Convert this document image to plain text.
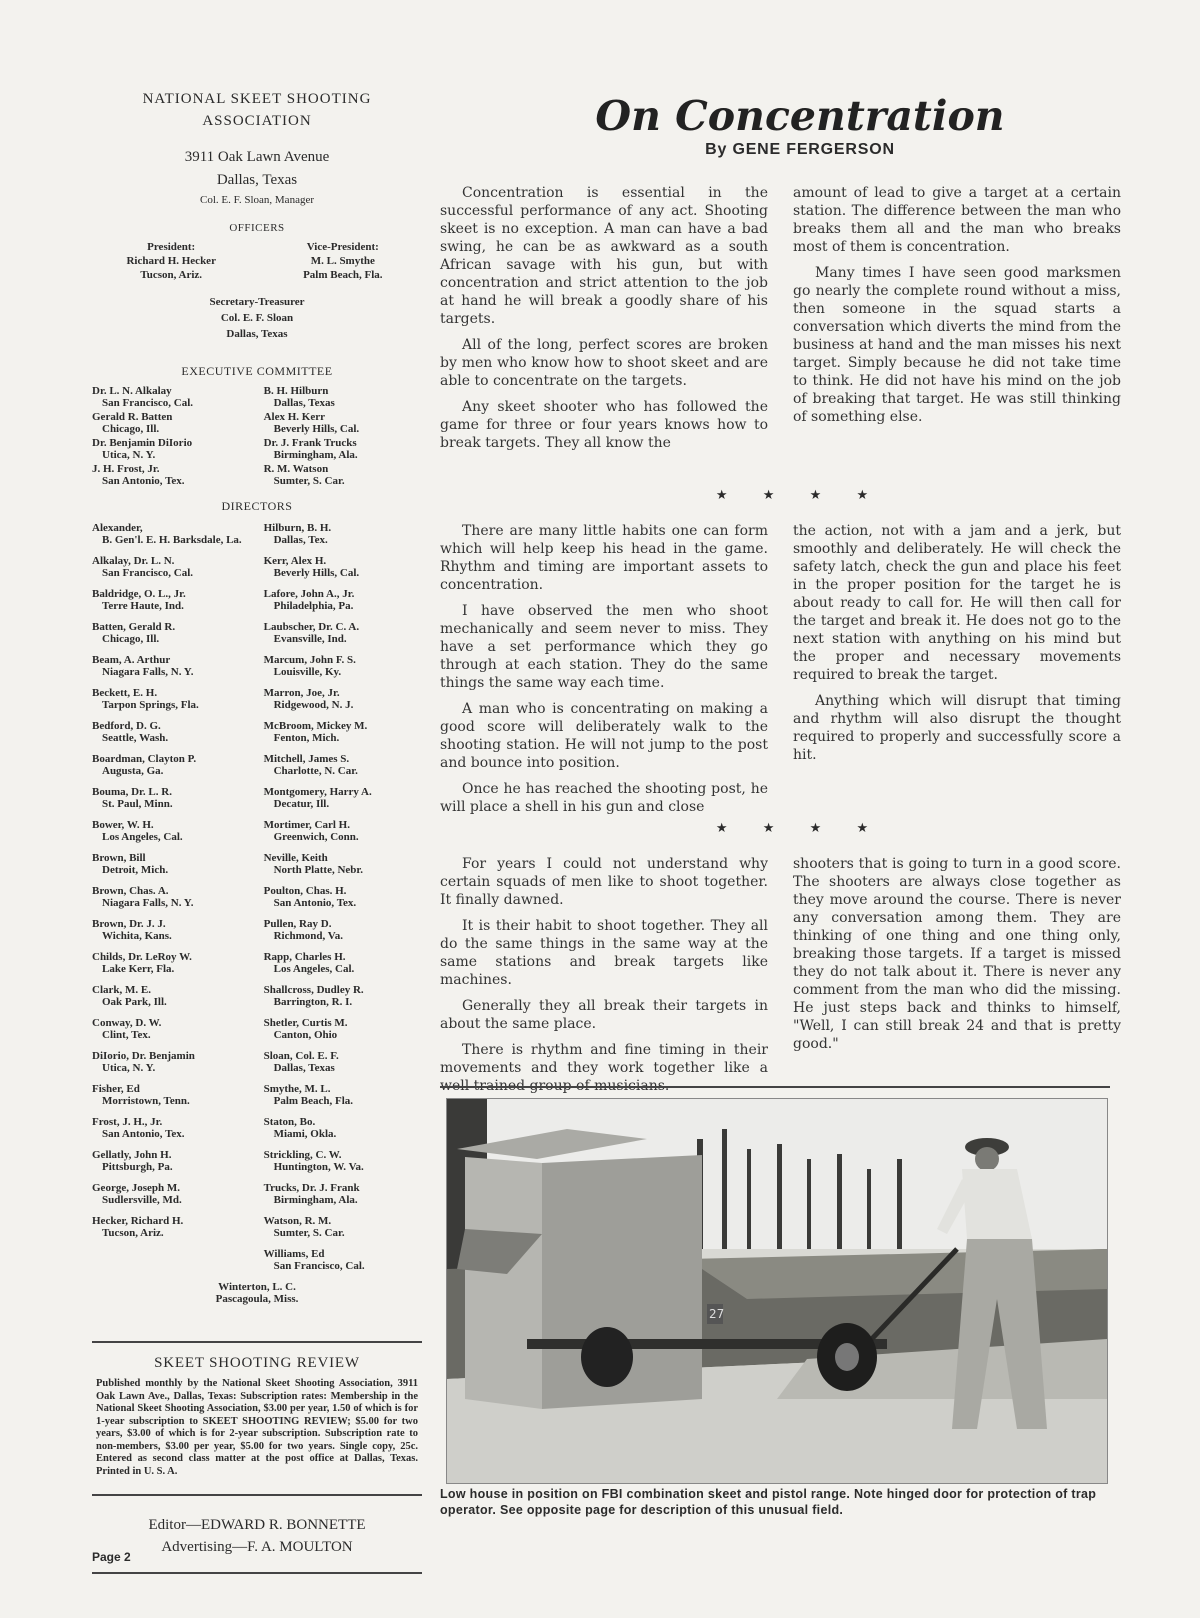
NATIONAL SKEET SHOOTING

ASSOCIATION

3911 Oak Lawn Avenue
Dallas, Texas
Col. E. F. Sloan, Manager
OFFICERS
President:
Richard H. Hecker
Tucson, Ariz.
Vice-President:
M. L. Smythe
Palm Beach, Fla.
Secretary-Treasurer
Col. E. F. Sloan
Dallas, Texas
EXECUTIVE COMMITTEE
Dr. L. N. Alkalay
San Francisco, Cal.
Gerald R. Batten
Chicago, Ill.
Dr. Benjamin DiIorio
Utica, N. Y.
J. H. Frost, Jr.
San Antonio, Tex.
B. H. Hilburn
Dallas, Texas
Alex H. Kerr
Beverly Hills, Cal.
Dr. J. Frank Trucks
Birmingham, Ala.
R. M. Watson
Sumter, S. Car.
DIRECTORS
Alexander,
B. Gen'l. E. H. Barksdale, La.
Alkalay, Dr. L. N.
San Francisco, Cal.
Baldridge, O. L., Jr.
Terre Haute, Ind.
Batten, Gerald R.
Chicago, Ill.
Beam, A. Arthur
Niagara Falls, N. Y.
Beckett, E. H.
Tarpon Springs, Fla.
Bedford, D. G.
Seattle, Wash.
Boardman, Clayton P.
Augusta, Ga.
Bouma, Dr. L. R.
St. Paul, Minn.
Bower, W. H.
Los Angeles, Cal.
Brown, Bill
Detroit, Mich.
Brown, Chas. A.
Niagara Falls, N. Y.
Brown, Dr. J. J.
Wichita, Kans.
Childs, Dr. LeRoy W.
Lake Kerr, Fla.
Clark, M. E.
Oak Park, Ill.
Conway, D. W.
Clint, Tex.
DiIorio, Dr. Benjamin
Utica, N. Y.
Fisher, Ed
Morristown, Tenn.
Frost, J. H., Jr.
San Antonio, Tex.
Gellatly, John H.
Pittsburgh, Pa.
George, Joseph M.
Sudlersville, Md.
Hecker, Richard H.
Tucson, Ariz.
Hilburn, B. H.
Dallas, Tex.
Kerr, Alex H.
Beverly Hills, Cal.
Lafore, John A., Jr.
Philadelphia, Pa.
Laubscher, Dr. C. A.
Evansville, Ind.
Marcum, John F. S.
Louisville, Ky.
Marron, Joe, Jr.
Ridgewood, N. J.
McBroom, Mickey M.
Fenton, Mich.
Mitchell, James S.
Charlotte, N. Car.
Montgomery, Harry A.
Decatur, Ill.
Mortimer, Carl H.
Greenwich, Conn.
Neville, Keith
North Platte, Nebr.
Poulton, Chas. H.
San Antonio, Tex.
Pullen, Ray D.
Richmond, Va.
Rapp, Charles H.
Los Angeles, Cal.
Shallcross, Dudley R.
Barrington, R. I.
Shetler, Curtis M.
Canton, Ohio
Sloan, Col. E. F.
Dallas, Texas
Smythe, M. L.
Palm Beach, Fla.
Staton, Bo.
Miami, Okla.
Strickling, C. W.
Huntington, W. Va.
Trucks, Dr. J. Frank
Birmingham, Ala.
Watson, R. M.
Sumter, S. Car.
Williams, Ed
San Francisco, Cal.
Winterton, L. C.
Pascagoula, Miss.
SKEET SHOOTING REVIEW
Published monthly by the National Skeet Shooting Association, 3911 Oak Lawn Ave., Dallas, Texas: Subscription rates: Membership in the National Skeet Shooting Association, $3.00 per year, 1.50 of which is for 1-year subscription to SKEET SHOOTING REVIEW; $5.00 for two years, $3.00 of which is for 2-year subscription. Subscription rate to non-members, $3.00 per year, $5.00 for two years. Single copy, 25c. Entered as second class matter at the post office at Dallas, Texas. Printed in U. S. A.
Editor—EDWARD R. BONNETTE
Advertising—F. A. MOULTON
On Concentration
By GENE FERGERSON

Concentration is essential in the successful performance of any act. Shooting skeet is no exception. A man can have a bad swing, he can be as awkward as a south African savage with his gun, but with concentration and strict attention to the job at hand he will break a goodly share of his targets.

All of the long, perfect scores are broken by men who know how to shoot skeet and are able to concentrate on the targets.

Any skeet shooter who has followed the game for three or four years knows how to break targets. They all know the

amount of lead to give a target at a certain station. The difference between the man who breaks them all and the man who breaks most of them is concentration.

Many times I have seen good marksmen go nearly the complete round without a miss, then someone in the squad starts a conversation which diverts the mind from the business at hand and the man misses his next target. Simply because he did not take time to think. He did not have his mind on the job of breaking that target. He was still thinking of something else.

★ ★ ★ ★

There are many little habits one can form which will help keep his head in the game. Rhythm and timing are important assets to concentration.

I have observed the men who shoot mechanically and seem never to miss. They have a set performance which they go through at each station. They do the same things the same way each time.

A man who is concentrating on making a good score will deliberately walk to the shooting station. He will not jump to the post and bounce into position.

Once he has reached the shooting post, he will place a shell in his gun and close

the action, not with a jam and a jerk, but smoothly and deliberately. He will check the safety latch, check the gun and place his feet in the proper position for the target he is about ready to call for. He will then call for the target and break it. He does not go to the next station with anything on his mind but the proper and necessary movements required to break the target.

Anything which will disrupt that timing and rhythm will also disrupt the thought required to properly and successfully score a hit.

★ ★ ★ ★

For years I could not understand why certain squads of men like to shoot together. It finally dawned.

It is their habit to shoot together. They all do the same things in the same way at the same stations and break targets like machines.

Generally they all break their targets in about the same place.

There is rhythm and fine timing in their movements and they work together like a well trained group of musicians.

shooters that is going to turn in a good score. The shooters are always close together as they move around the course. There is never any conversation among them. They are thinking of one thing and one thing only, breaking those targets. If a target is missed they do not talk about it. There is never any comment from the man who did the missing. He just steps back and thinks to himself, "Well, I can still break 24 and that is pretty good."

27
Low house in position on FBI combination skeet and pistol range. Note hinged door for protection of trap operator. See opposite page for description of this unusual field.
Page 2
